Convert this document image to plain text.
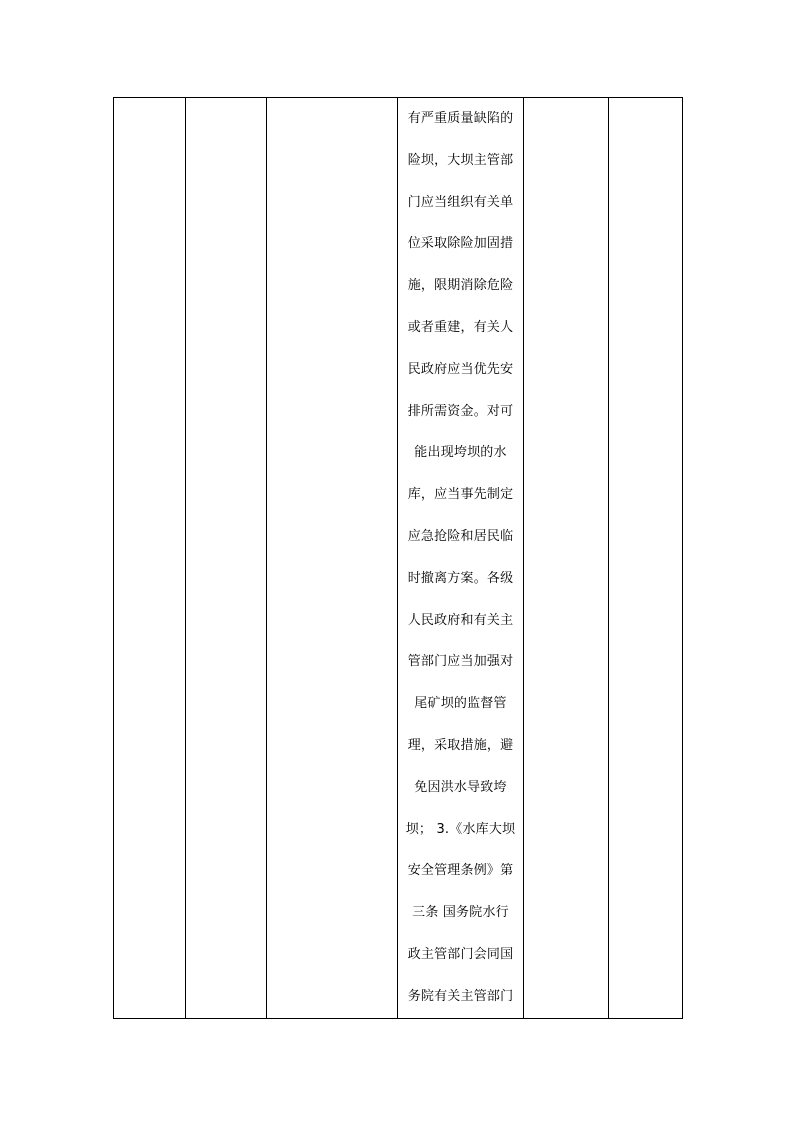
有严重质量缺陷的
险坝，大坝主管部
门应当组织有关单
位采取除险加固措
施，限期消除危险
或者重建，有关人
民政府应当优先安
排所需资金。对可
能出现垮坝的水
库，应当事先制定
应急抢险和居民临
时撤离方案。各级
人民政府和有关主
管部门应当加强对
尾矿坝的监督管
理，采取措施，避
免因洪水导致垮
坝； 3.《水库大坝
安全管理条例》第
三条 国务院水行
政主管部门会同国
务院有关主管部门
